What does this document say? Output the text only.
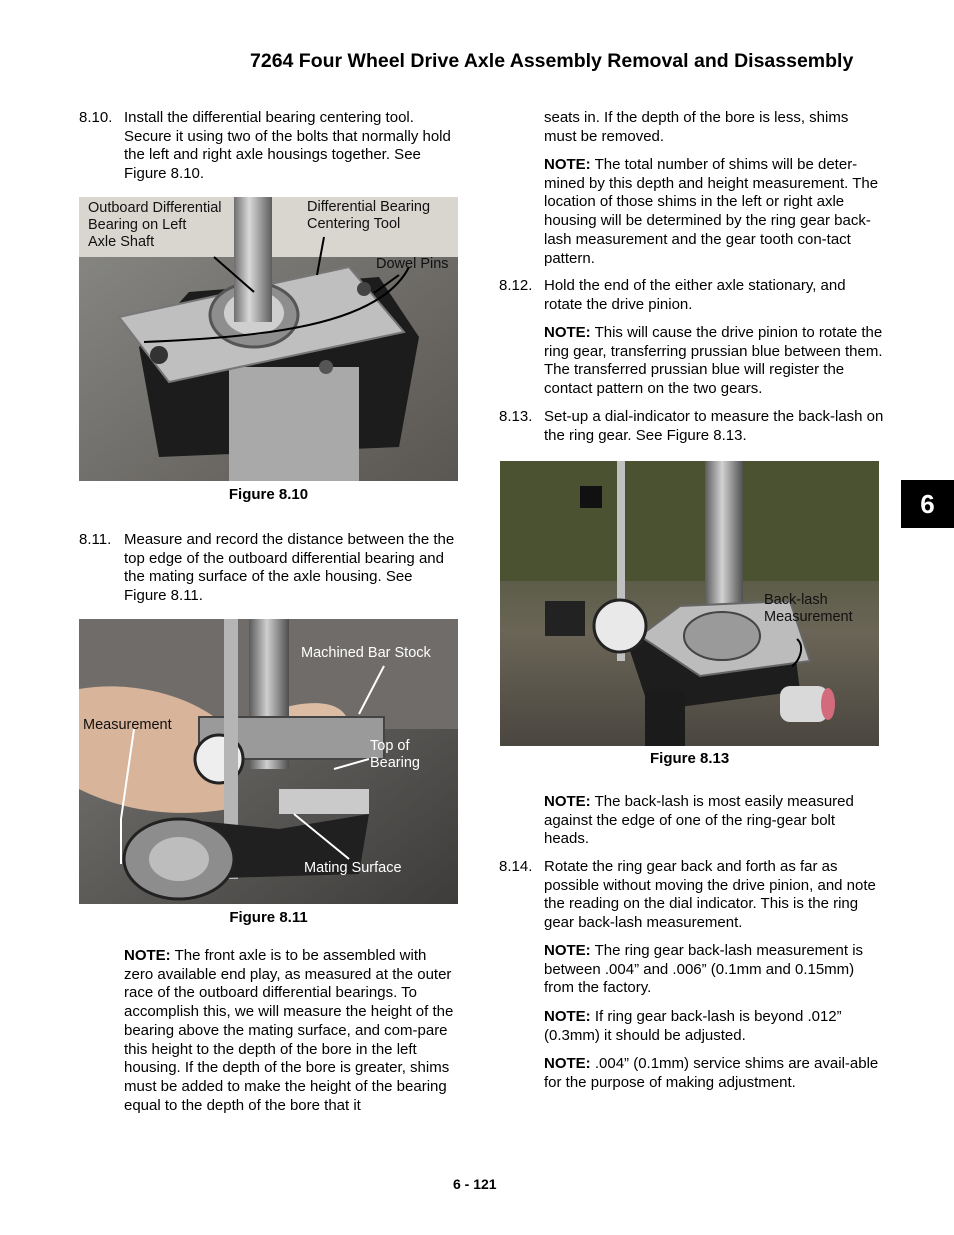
7264 Four Wheel Drive Axle Assembly Removal and Disassembly
6
8.10. Install the differential bearing centering tool. Secure it using two of the bolts that normally hold the left and right axle housings together. See Figure 8.10.
Outboard Differential
Bearing on Left
Axle Shaft
Differential Bearing
Centering Tool
Dowel Pins
Figure 8.10
8.11. Measure and record the distance between the the top edge of the outboard differential bearing and the mating surface of the axle housing. See Figure 8.11.
Machined Bar Stock
Measurement
Top of
Bearing
Mating Surface
Figure 8.11
NOTE: The front axle is to be assembled with zero available end play, as measured at the outer race of the outboard differential bearings. To accomplish this, we will measure the height of the bearing above the mating surface, and com-pare this height to the depth of the bore in the left housing. If the depth of the bore is greater, shims must be added to make the height of the bearing equal to the depth of the bore that it
seats in. If the depth of the bore is less, shims must be removed.
NOTE: The total number of shims will be deter-mined by this depth and height measurement. The location of those shims in the left or right axle housing will be determined by the ring gear back-lash measurement and the gear tooth con-tact pattern.
8.12. Hold the end of the either axle stationary, and rotate the drive pinion.
NOTE: This will cause the drive pinion to rotate the ring gear, transferring prussian blue between them. The transferred prussian blue will register the contact pattern on the two gears.
8.13. Set-up a dial-indicator to measure the back-lash on the ring gear. See Figure 8.13.
Back-lash
Measurement
Figure 8.13
NOTE: The back-lash is most easily measured against the edge of one of the ring-gear bolt heads.
8.14. Rotate the ring gear back and forth as far as possible without moving the drive pinion, and note the reading on the dial indicator. This is the ring gear back-lash measurement.
NOTE: The ring gear back-lash measurement is between .004” and .006” (0.1mm and 0.15mm) from the factory.
NOTE: If ring gear back-lash is beyond .012” (0.3mm) it should be adjusted.
NOTE: .004” (0.1mm) service shims are avail-able for the purpose of making adjustment.
6 - 121
